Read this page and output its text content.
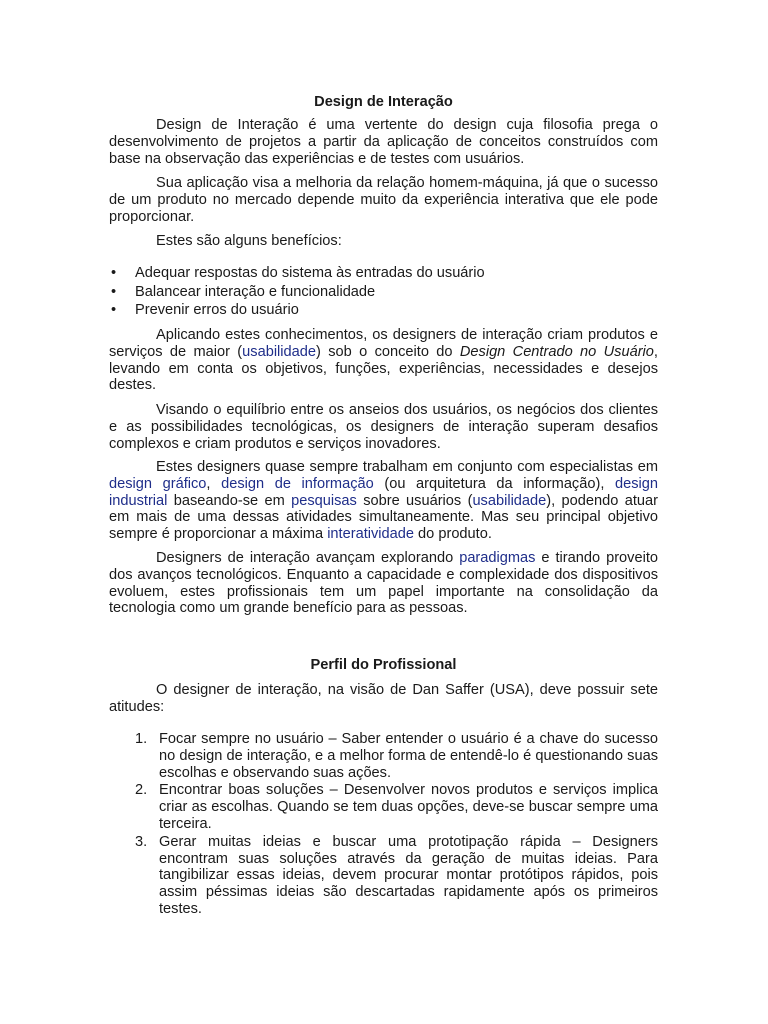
Design de Interação

Design de Interação é uma vertente do design cuja filosofia prega o desenvolvimento de projetos a partir da aplicação de conceitos construídos com base na observação das experiências e de testes com usuários.

Sua aplicação visa a melhoria da relação homem-máquina, já que o sucesso de um produto no mercado depende muito da experiência interativa que ele pode proporcionar.

Estes são alguns benefícios:

• Adequar respostas do sistema às entradas do usuário
• Balancear interação e funcionalidade
• Prevenir erros do usuário

Aplicando estes conhecimentos, os designers de interação criam produtos e serviços de maior (usabilidade) sob o conceito do Design Centrado no Usuário, levando em conta os objetivos, funções, experiências, necessidades e desejos destes.

Visando o equilíbrio entre os anseios dos usuários, os negócios dos clientes e as possibilidades tecnológicas, os designers de interação superam desafios complexos e criam produtos e serviços inovadores.

Estes designers quase sempre trabalham em conjunto com especialistas em design gráfico, design de informação (ou arquitetura da informação), design industrial baseando-se em pesquisas sobre usuários (usabilidade), podendo atuar em mais de uma dessas atividades simultaneamente. Mas seu principal objetivo sempre é proporcionar a máxima interatividade do produto.

Designers de interação avançam explorando paradigmas e tirando proveito dos avanços tecnológicos. Enquanto a capacidade e complexidade dos dispositivos evoluem, estes profissionais tem um papel importante na consolidação da tecnologia como um grande benefício para as pessoas.

Perfil do Profissional

O designer de interação, na visão de Dan Saffer (USA), deve possuir sete atitudes:

1. Focar sempre no usuário – Saber entender o usuário é a chave do sucesso no design de interação, e a melhor forma de entendê-lo é questionando suas escolhas e observando suas ações.
2. Encontrar boas soluções – Desenvolver novos produtos e serviços implica criar as escolhas. Quando se tem duas opções, deve-se buscar sempre uma terceira.
3. Gerar muitas ideias e buscar uma prototipação rápida – Designers encontram suas soluções através da geração de muitas ideias. Para tangibilizar essas ideias, devem procurar montar protótipos rápidos, pois assim péssimas ideias são descartadas rapidamente após os primeiros testes.
